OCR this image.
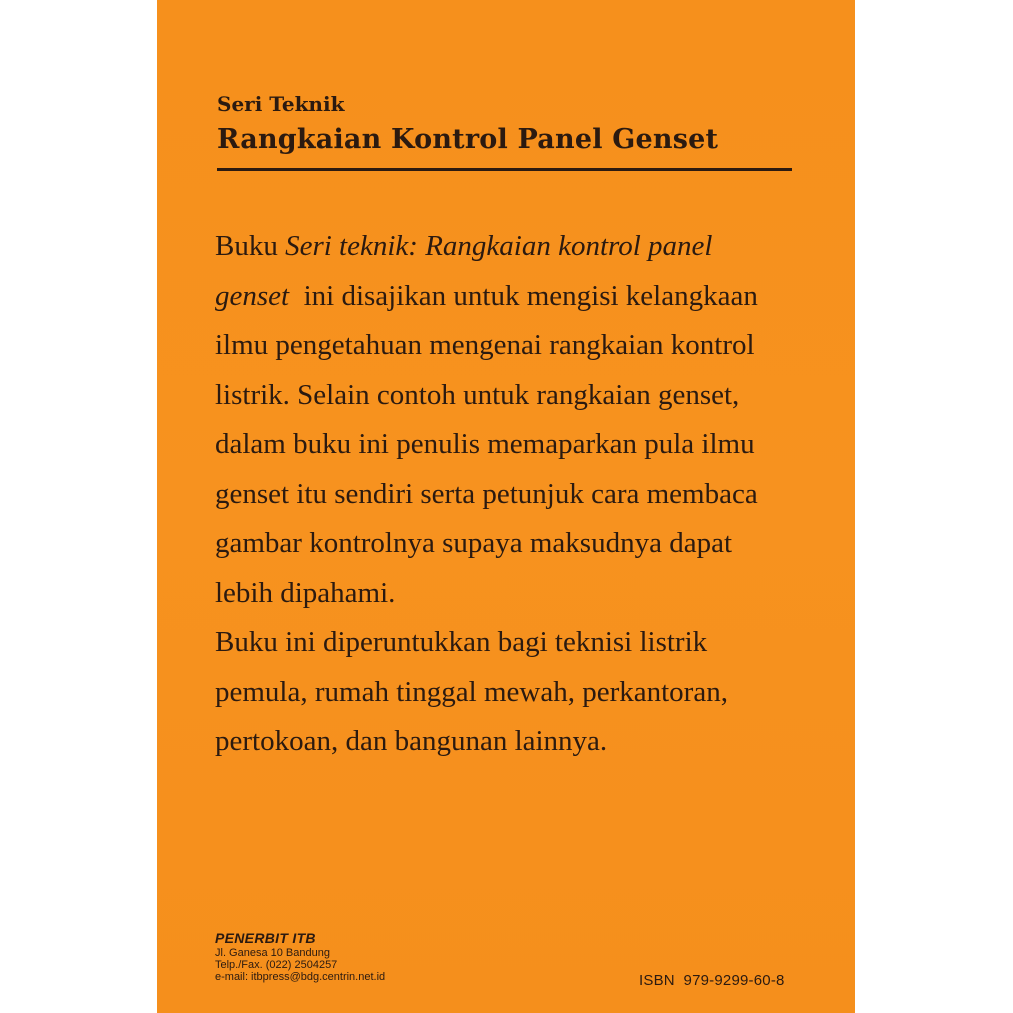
Seri Teknik
Rangkaian Kontrol Panel Genset
Buku Seri teknik: Rangkaian kontrol panel
genset  ini disajikan untuk mengisi kelangkaan
ilmu pengetahuan mengenai rangkaian kontrol
listrik. Selain contoh untuk rangkaian genset,
dalam buku ini penulis memaparkan pula ilmu
genset itu sendiri serta petunjuk cara membaca
gambar kontrolnya supaya maksudnya dapat
lebih dipahami.
Buku ini diperuntukkan bagi teknisi listrik
pemula, rumah tinggal mewah, perkantoran,
pertokoan, dan bangunan lainnya.
PENERBIT ITB
Jl. Ganesa 10 Bandung
Telp./Fax. (022) 2504257
e-mail: itbpress@bdg.centrin.net.id	ISBN  979-9299-60-8
